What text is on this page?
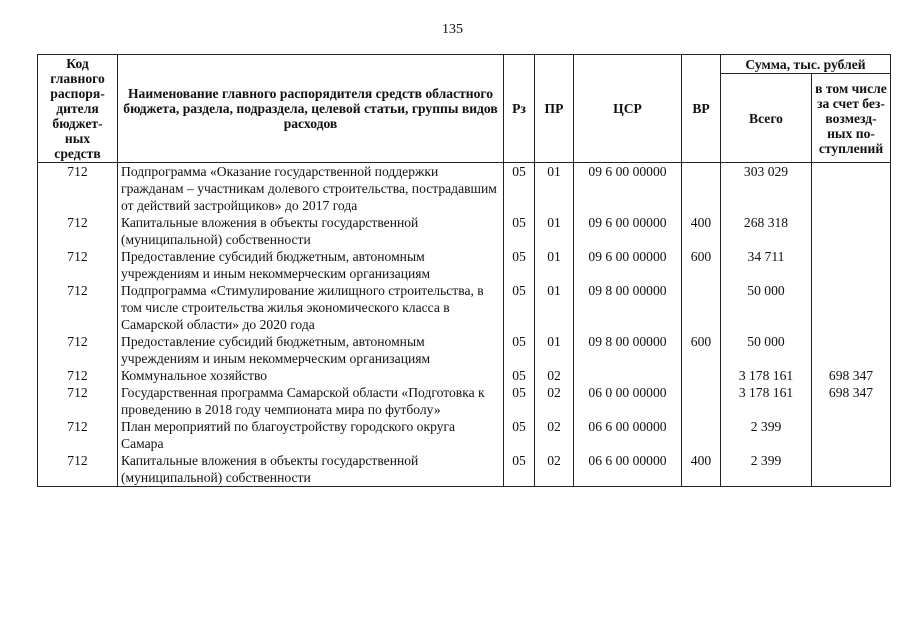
135
Код главного распоря-дителя бюджет-ных средств	Наименование главного распорядителя средств областного бюджета, раздела, подраздела, целевой статьи, группы видов расходов	Рз	ПР	ЦСР	ВР	Сумма, тыс. рублей	
						Всего	в том числе за счет без-возмезд-ных по-ступлений
712	Подпрограмма «Оказание государственной поддержки гражданам – участникам долевого строительства, пострадавшим от действий застройщиков» до 2017 года	05	01	09 6 00 00000		303 029	
712	Капитальные вложения в объекты государственной (муниципальной) собственности	05	01	09 6 00 00000	400	268 318	
712	Предоставление субсидий бюджетным, автономным учреждениям и иным некоммерческим организациям	05	01	09 6 00 00000	600	34 711	
712	Подпрограмма «Стимулирование жилищного строительства, в том числе строительства жилья экономического класса в Самарской области» до 2020 года	05	01	09 8 00 00000		50 000	
712	Предоставление субсидий бюджетным, автономным учреждениям и иным некоммерческим организациям	05	01	09 8 00 00000	600	50 000	
712	Коммунальное хозяйство	05	02			3 178 161	698 347
712	Государственная программа Самарской области «Подготовка к проведению в 2018 году чемпионата мира по футболу»	05	02	06 0 00 00000		3 178 161	698 347
712	План мероприятий по благоустройству городского округа Самара	05	02	06 6 00 00000		2 399	
712	Капитальные вложения в объекты государственной (муниципальной) собственности	05	02	06 6 00 00000	400	2 399	
